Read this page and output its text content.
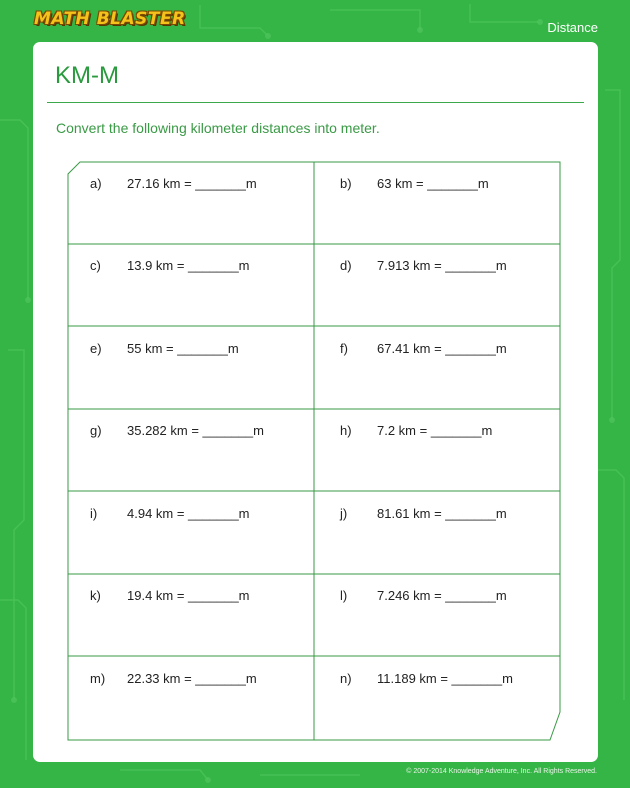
MATH BLASTER	Distance
KM-M
Convert the following kilometer distances into meter.
a) 27.16 km = _______m	b) 63 km = _______m
c) 13.9 km = _______m	d) 7.913 km = _______m
e) 55 km = _______m	f) 67.41 km = _______m
g) 35.282 km = _______m	h) 7.2 km = _______m
i) 4.94 km = _______m	j) 81.61 km = _______m
k) 19.4 km = _______m	l) 7.246 km = _______m
m) 22.33 km = _______m	n) 11.189 km = _______m
© 2007-2014 Knowledge Adventure, Inc. All Rights Reserved.
